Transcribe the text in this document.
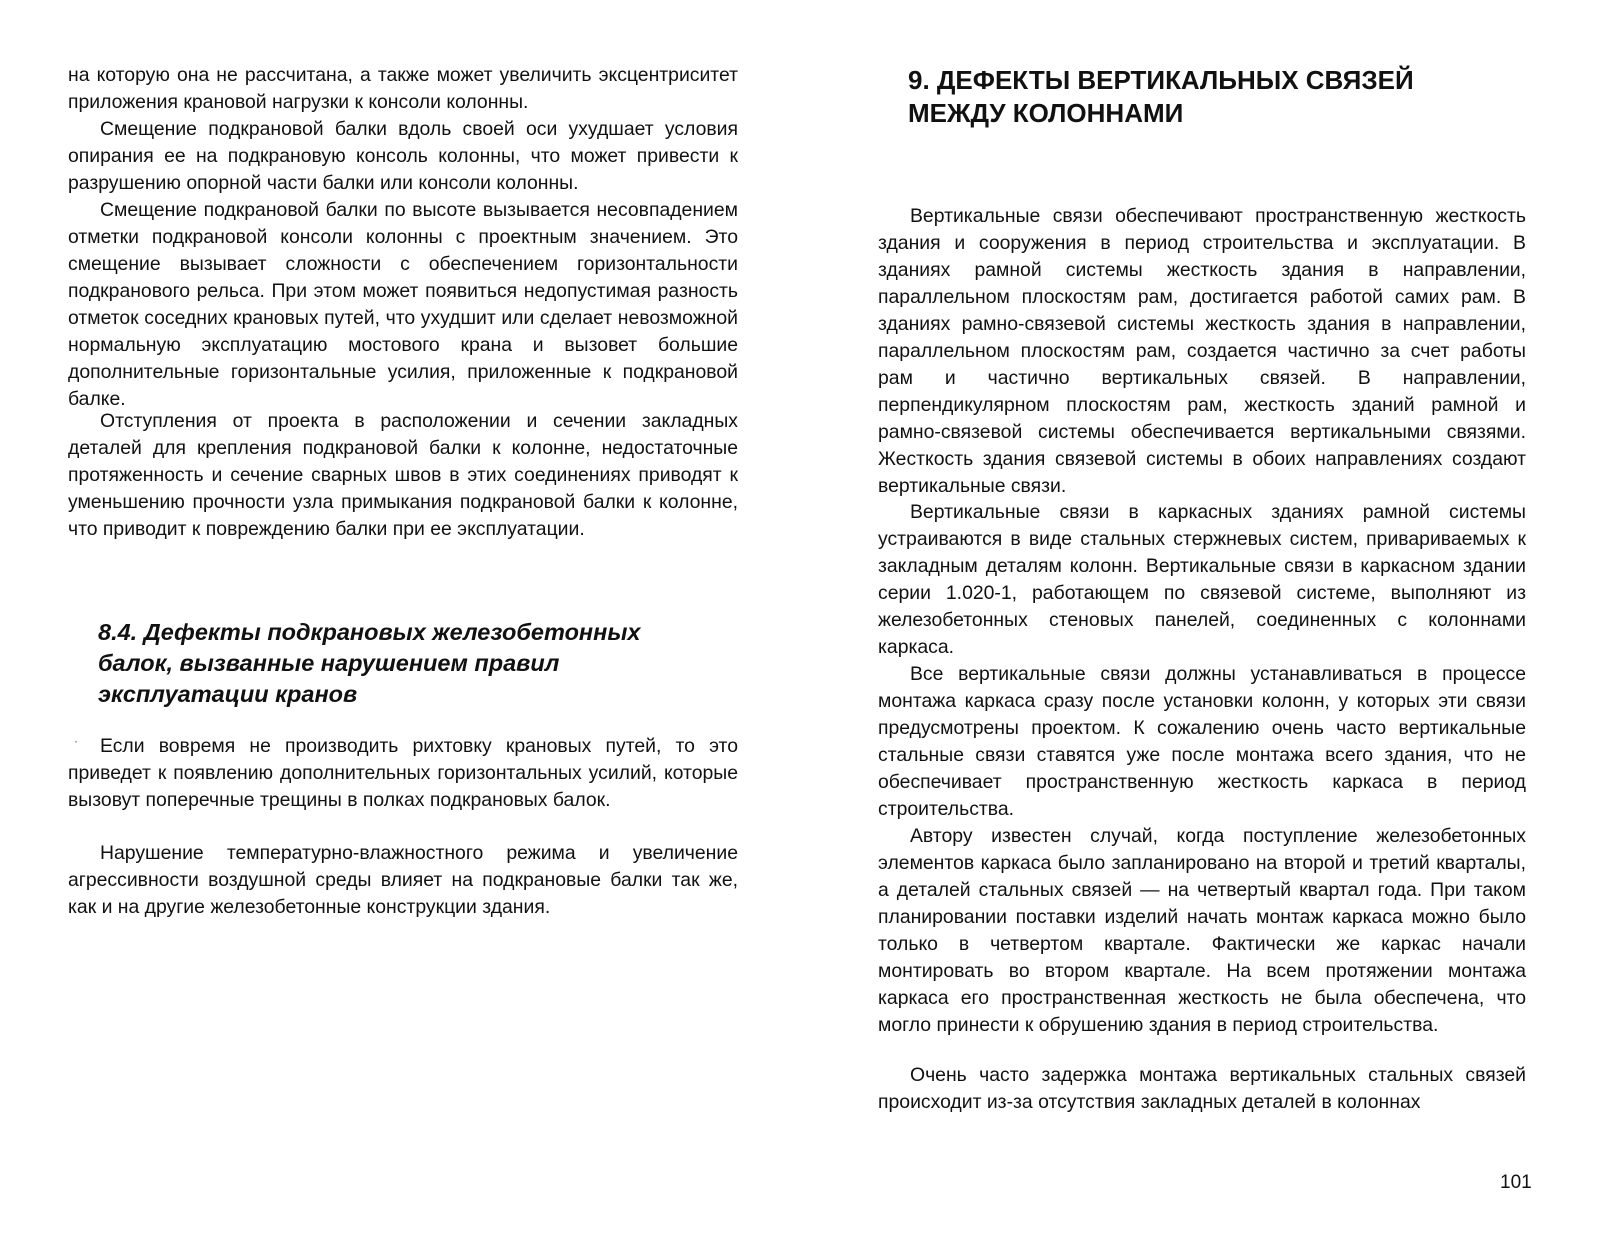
на которую она не рассчитана, а также может увеличить эксцентриситет приложения крановой нагрузки к консоли колонны.

Смещение подкрановой балки вдоль своей оси ухудшает условия опирания ее на подкрановую консоль колонны, что может привести к разрушению опорной части балки или консоли колонны.

Смещение подкрановой балки по высоте вызывается несовпадением отметки подкрановой консоли колонны с проектным значением. Это смещение вызывает сложности с обеспечением горизонтальности подкранового рельса. При этом может появиться недопустимая разность отметок соседних крановых путей, что ухудшит или сделает невозможной нормальную эксплуатацию мостового крана и вызовет большие дополнительные горизонтальные усилия, приложенные к подкрановой балке.

Отступления от проекта в расположении и сечении закладных деталей для крепления подкрановой балки к колонне, недостаточные протяженность и сечение сварных швов в этих соединениях приводят к уменьшению прочности узла примыкания подкрановой балки к колонне, что приводит к повреждению балки при ее эксплуатации.

8.4. Дефекты подкрановых железобетонных
балок, вызванные нарушением правил
эксплуатации кранов

Если вовремя не производить рихтовку крановых путей, то это приведет к появлению дополнительных горизонтальных усилий, которые вызовут поперечные трещины в полках подкрановых балок.

Нарушение температурно-влажностного режима и увеличение агрессивности воздушной среды влияет на подкрановые балки так же, как и на другие железобетонные конструкции здания.

·
9. ДЕФЕКТЫ ВЕРТИКАЛЬНЫХ СВЯЗЕЙ
МЕЖДУ КОЛОННАМИ

Вертикальные связи обеспечивают пространственную жесткость здания и сооружения в период строительства и эксплуатации. В зданиях рамной системы жесткость здания в направлении, параллельном плоскостям рам, достигается работой самих рам. В зданиях рамно-связевой системы жесткость здания в направлении, параллельном плоскостям рам, создается частично за счет работы рам и частично вертикальных связей. В направлении, перпендикулярном плоскостям рам, жесткость зданий рамной и рамно-связевой системы обеспечивается вертикальными связями. Жесткость здания связевой системы в обоих направлениях создают вертикальные связи.

Вертикальные связи в каркасных зданиях рамной системы устраиваются в виде стальных стержневых систем, привариваемых к закладным деталям колонн. Вертикальные связи в каркасном здании серии 1.020-1, работающем по связевой системе, выполняют из железобетонных стеновых панелей, соединенных с колоннами каркаса.

Все вертикальные связи должны устанавливаться в процессе монтажа каркаса сразу после установки колонн, у которых эти связи предусмотрены проектом. К сожалению очень часто вертикальные стальные связи ставятся уже после монтажа всего здания, что не обеспечивает пространственную жесткость каркаса в период строительства.

Автору известен случай, когда поступление железобетонных элементов каркаса было запланировано на второй и третий кварталы, а деталей стальных связей — на четвертый квартал года. При таком планировании поставки изделий начать монтаж каркаса можно было только в четвертом квартале. Фактически же каркас начали монтировать во втором квартале. На всем протяжении монтажа каркаса его пространственная жесткость не была обеспечена, что могло принести к обрушению здания в период строительства.

Очень часто задержка монтажа вертикальных стальных связей происходит из-за отсутствия закладных деталей в колоннах

101
